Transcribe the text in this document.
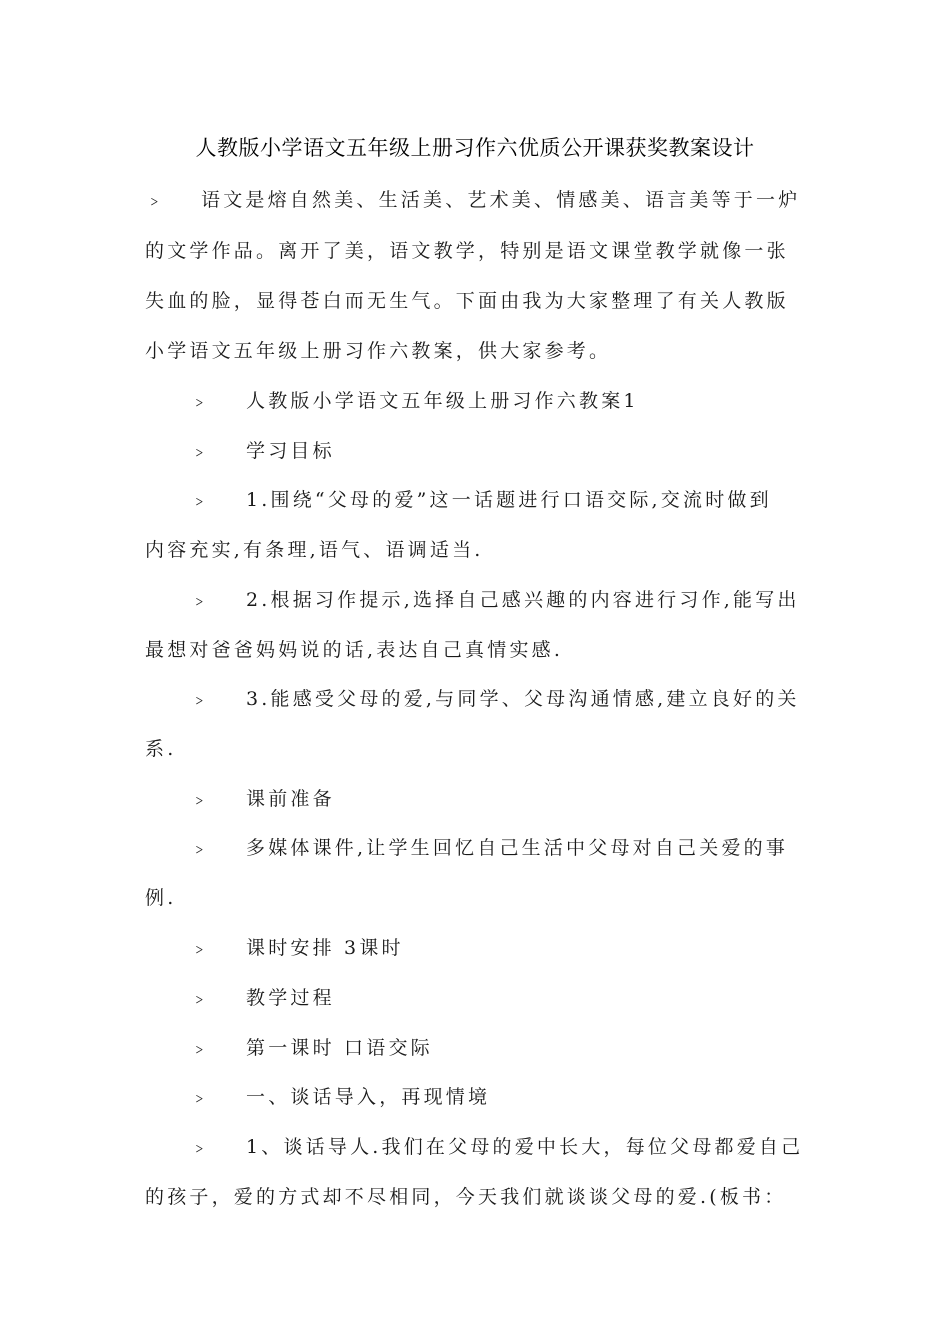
人教版小学语文五年级上册习作六优质公开课获奖教案设计
﹥ 语文是熔自然美、生活美、艺术美、情感美、语言美等于一炉
的文学作品。离开了美，语文教学，特别是语文课堂教学就像一张
失血的脸，显得苍白而无生气。下面由我为大家整理了有关人教版
小学语文五年级上册习作六教案，供大家参考。
﹥ 人教版小学语文五年级上册习作六教案1
﹥ 学习目标
﹥ 1.围绕“父母的爱”这一话题进行口语交际,交流时做到
内容充实,有条理,语气、语调适当.
﹥ 2.根据习作提示,选择自己感兴趣的内容进行习作,能写出
最想对爸爸妈妈说的话,表达自己真情实感.
﹥ 3.能感受父母的爱,与同学、父母沟通情感,建立良好的关
系.
﹥ 课前准备
﹥ 多媒体课件,让学生回忆自己生活中父母对自己关爱的事
例.
﹥ 课时安排 3课时
﹥ 教学过程
﹥ 第一课时 口语交际
﹥ 一、谈话导入，再现情境
﹥ 1、谈话导人.我们在父母的爱中长大，每位父母都爱自己
的孩子，爱的方式却不尽相同，今天我们就谈谈父母的爱.(板书：
